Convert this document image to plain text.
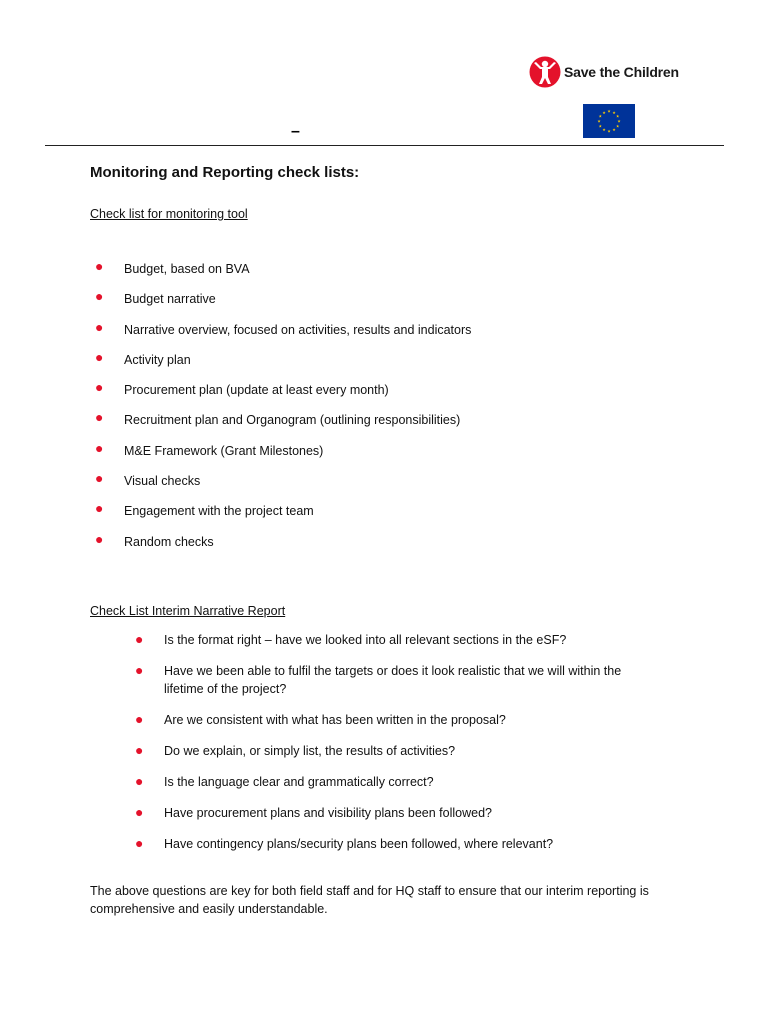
Save the Children
★ ★
★
★
★
★
★
★
★
★
★
★
–
Monitoring and Reporting check lists:
Check list for monitoring tool
● Budget, based on BVA
● Budget narrative
● Narrative overview, focused on activities, results and indicators
● Activity plan
● Procurement plan (update at least every month)
● Recruitment plan and Organogram (outlining responsibilities)
● M&E Framework (Grant Milestones)
● Visual checks
● Engagement with the project team
● Random checks
Check List Interim Narrative Report
● Is the format right – have we looked into all relevant sections in the eSF?
● Have we been able to fulfil the targets or does it look realistic that we will within the lifetime of the project?
● Are we consistent with what has been written in the proposal?
● Do we explain, or simply list, the results of activities?
● Is the language clear and grammatically correct?
● Have procurement plans and visibility plans been followed?
● Have contingency plans/security plans been followed, where relevant?

The above questions are key for both field staff and for HQ staff to ensure that our interim reporting is comprehensive and easily understandable.
